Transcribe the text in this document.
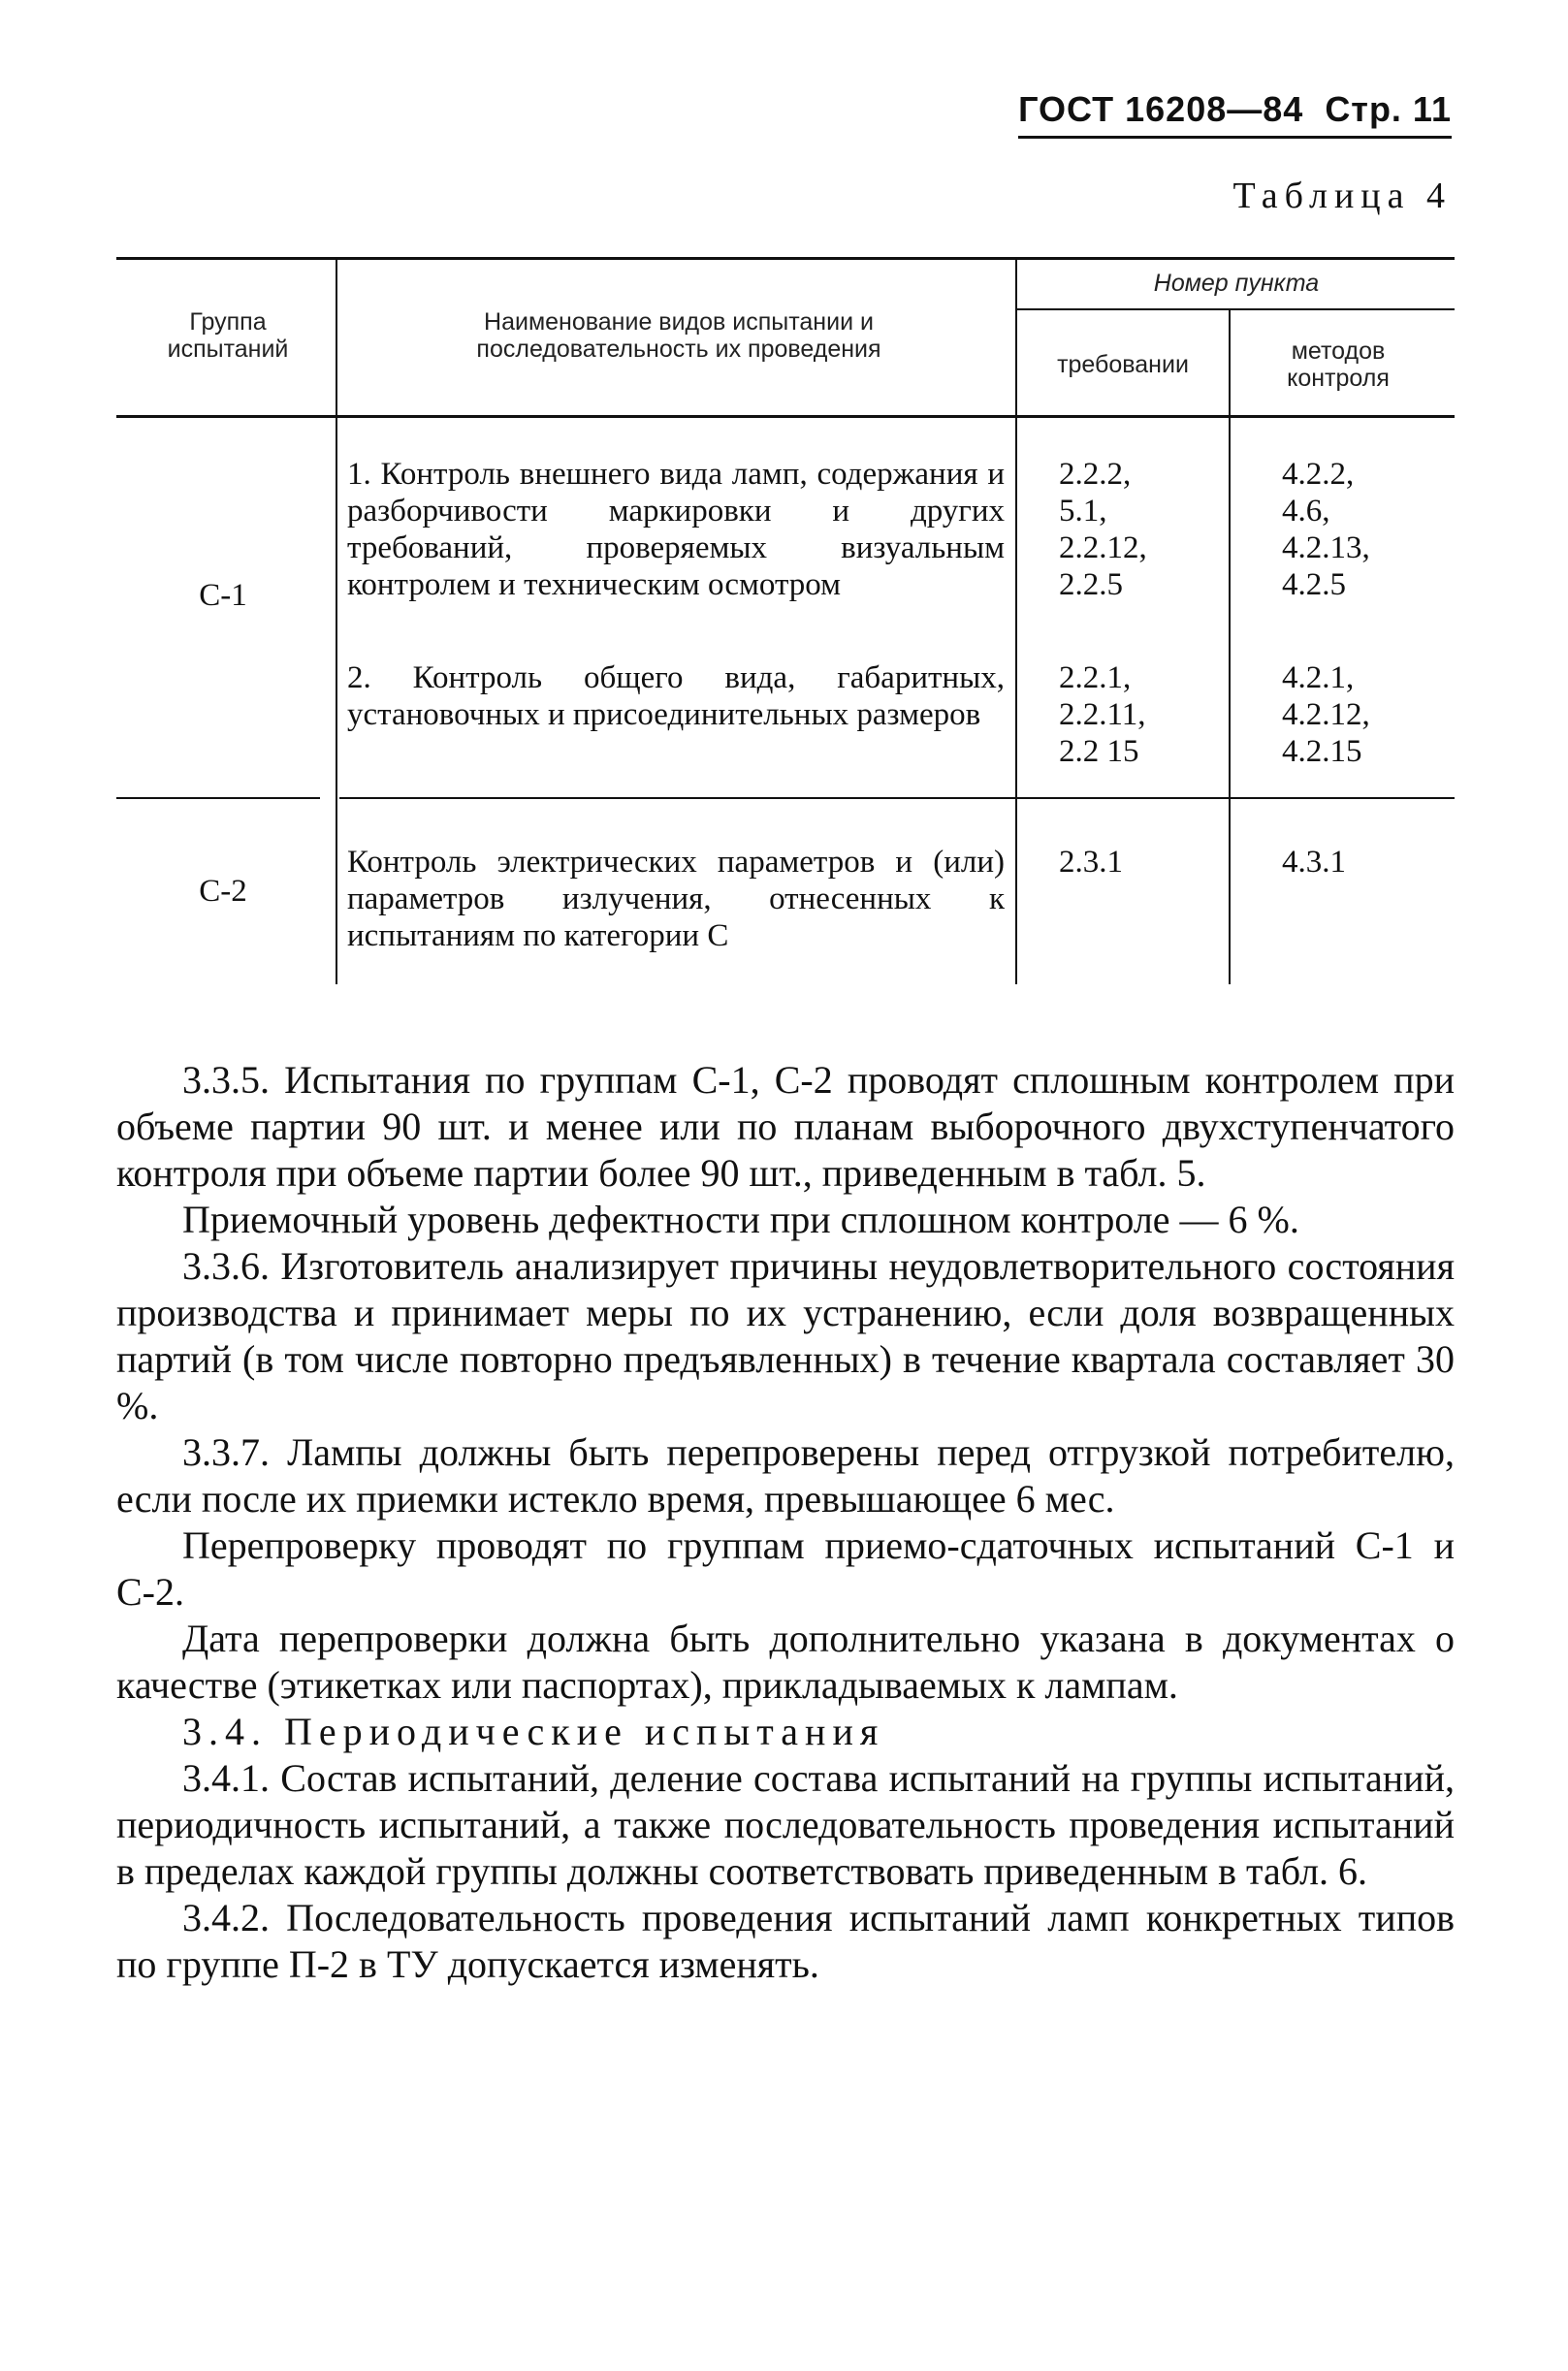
ГОСТ 16208—84 Стр. 11
Таблица 4
Группа испытаний
Наименование видов испытании и последовательность их проведения
Номер пункта
требовании	методов контроля
С-1
1. Контроль внешнего вида ламп, содержания и разборчивости маркировки и других требований, проверяемых визуальным контролем и техническим осмотром
2.2.2,
5.1,
2.2.12,
2.2.5
4.2.2,
4.6,
4.2.13,
4.2.5
2. Контроль общего вида, габаритных, установочных и присоединительных размеров
2.2.1,
2.2.11,
2.2 15
4.2.1,
4.2.12,
4.2.15
С-2
Контроль электрических параметров и (или) параметров излучения, отнесенных к испытаниям по категории С
2.3.1	4.3.1

3.3.5. Испытания по группам С-1, С-2 проводят сплошным контролем при объеме партии 90 шт. и менее или по планам выборочного двухступенчатого контроля при объеме партии более 90 шт., приведенным в табл. 5.

Приемочный уровень дефектности при сплошном контроле — 6 %.

3.3.6. Изготовитель анализирует причины неудовлетворительного состояния производства и принимает меры по их устранению, если доля возвращенных партий (в том числе повторно предъявленных) в течение квартала составляет 30 %.

3.3.7. Лампы должны быть перепроверены перед отгрузкой потребителю, если после их приемки истекло время, превышающее 6 мес.

Перепроверку проводят по группам приемо-сдаточных испытаний С-1 и С-2.

Дата перепроверки должна быть дополнительно указана в документах о качестве (этикетках или паспортах), прикладываемых к лампам.

3.4. Периодические испытания

3.4.1. Состав испытаний, деление состава испытаний на группы испытаний, периодичность испытаний, а также последовательность проведения испытаний в пределах каждой группы должны соответствовать приведенным в табл. 6.

3.4.2. Последовательность проведения испытаний ламп конкретных типов по группе П-2 в ТУ допускается изменять.
